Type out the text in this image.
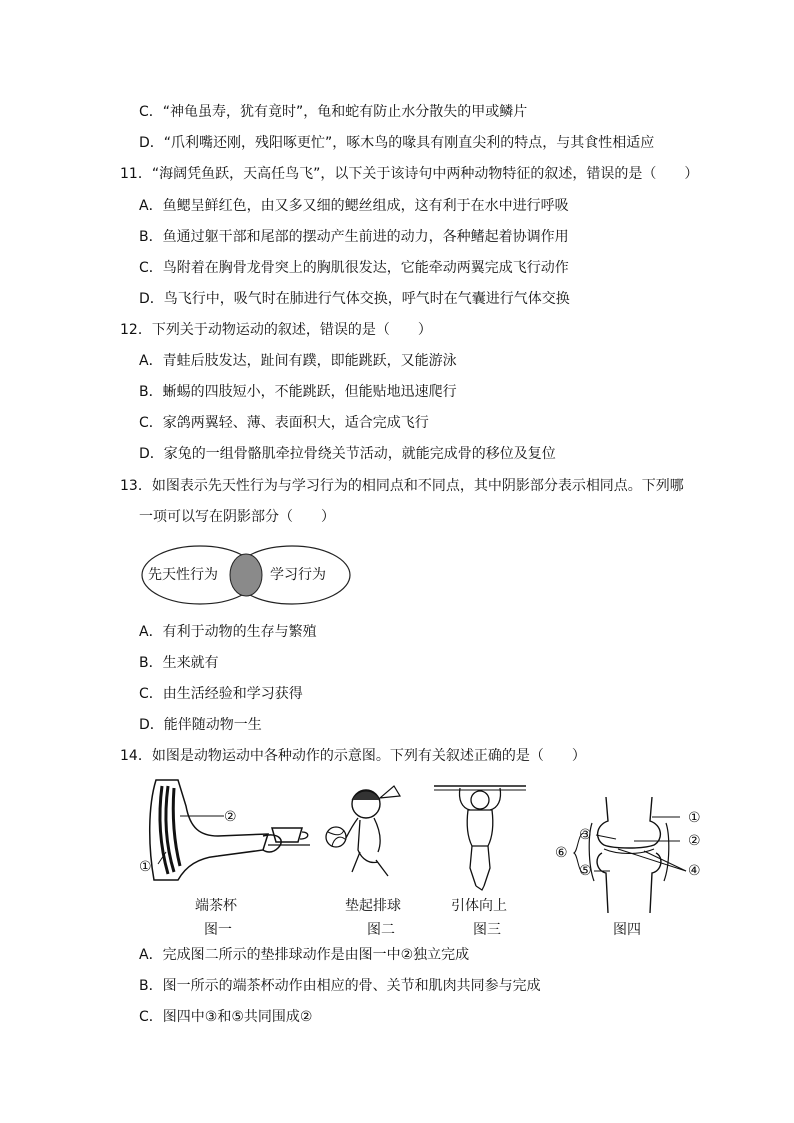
C．“神龟虽寿，犹有竟时”，龟和蛇有防止水分散失的甲或鳞片
D．“爪利嘴还刚，残阳啄更忙”，啄木鸟的喙具有刚直尖利的特点，与其食性相适应
11．“海阔凭鱼跃，天高任鸟飞”，以下关于该诗句中两种动物特征的叙述，错误的是（　　）
A．鱼鳃呈鲜红色，由又多又细的鳃丝组成，这有利于在水中进行呼吸
B．鱼通过躯干部和尾部的摆动产生前进的动力，各种鳍起着协调作用
C．鸟附着在胸骨龙骨突上的胸肌很发达，它能牵动两翼完成飞行动作
D．鸟飞行中，吸气时在肺进行气体交换，呼气时在气囊进行气体交换
12．下列关于动物运动的叙述，错误的是（　　）
A．青蛙后肢发达，趾间有蹼，即能跳跃，又能游泳
B．蜥蜴的四肢短小，不能跳跃，但能贴地迅速爬行
C．家鸽两翼轻、薄、表面积大，适合完成飞行
D．家兔的一组骨骼肌牵拉骨绕关节活动，就能完成骨的移位及复位
13．如图表示先天性行为与学习行为的相同点和不同点，其中阴影部分表示相同点。下列哪
一项可以写在阴影部分（　　）
先天性行为	学习行为
A．有利于动物的生存与繁殖
B．生来就有
C．由生活经验和学习获得
D．能伴随动物一生
14．如图是动物运动中各种动作的示意图。下列有关叙述正确的是（　　）
②
①
①
②
③
④
⑤
⑥
端茶杯	垫起排球	引体向上
图一	图二	图三	图四
A．完成图二所示的垫排球动作是由图一中②独立完成
B．图一所示的端茶杯动作由相应的骨、关节和肌肉共同参与完成
C．图四中③和⑤共同围成②
